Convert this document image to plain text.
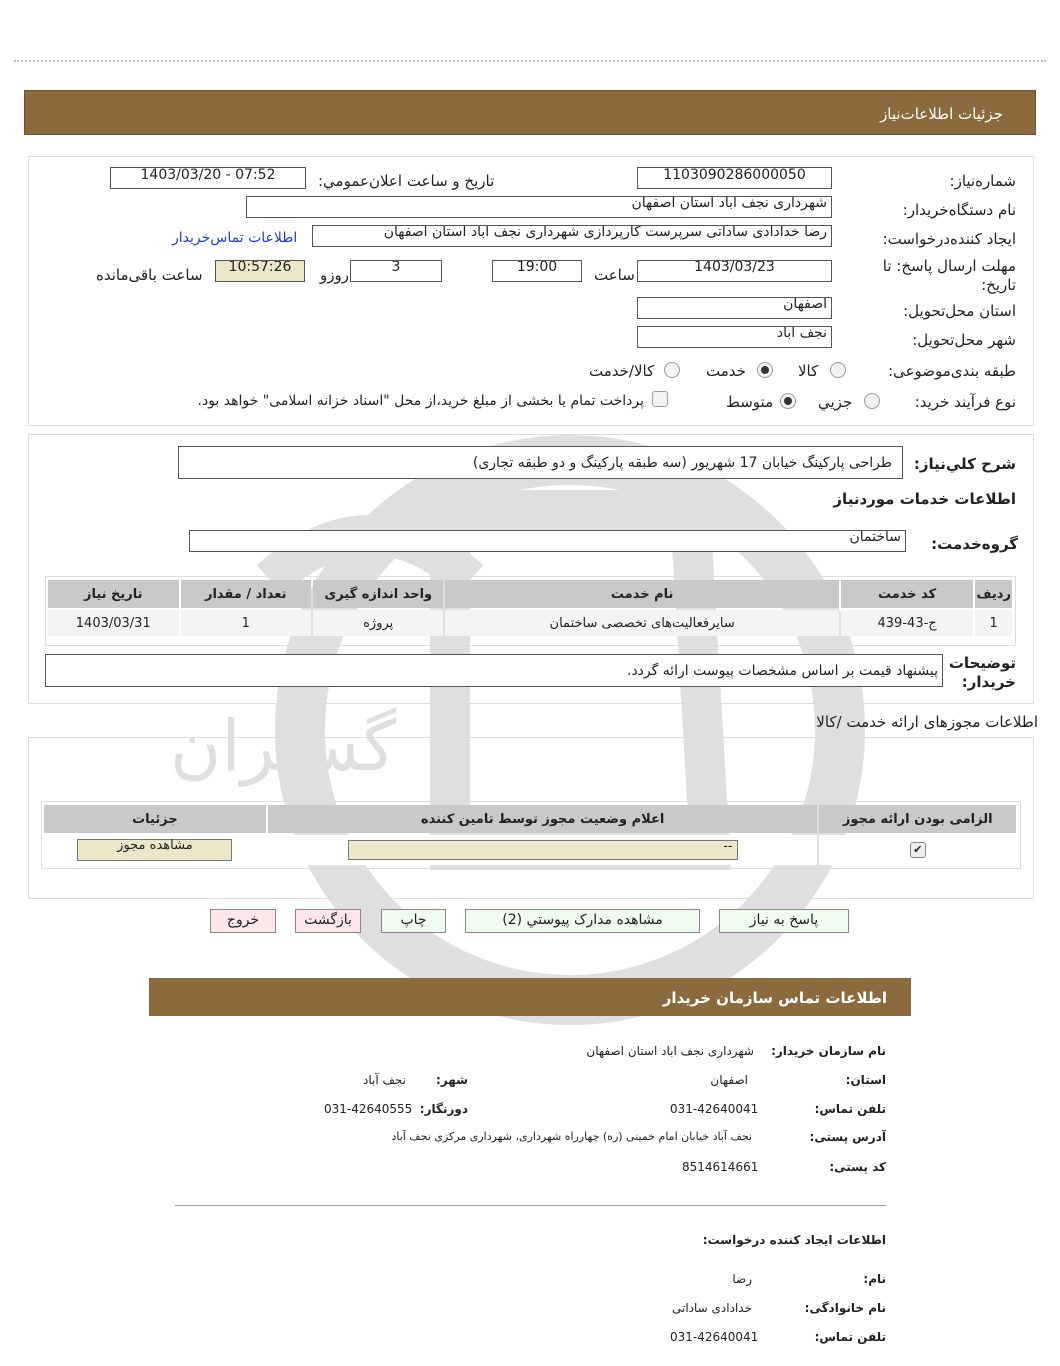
گستران
جزئیات اطلاعات‌نیاز
شماره‌نیاز:
1103090286000050
تاریخ و ساعت اعلان‌عمومي:
1403/03/20 - 07:52
نام دستگاه‌خریدار:
شهرداری نجف اباد استان اصفهان
ایجاد کننده‌درخواست:
رضا خدادادی ساداتی سرپرست کارپردازی شهرداری نجف اباد استان اصفهان
اطلاعات تماس‌خریدار
مهلت ارسال پاسخ: تا
تاریخ:
1403/03/23
ساعت
19:00
3
روزو
10:57:26
ساعت باقی‌مانده
استان محل‌تحویل:
اصفهان
شهر محل‌تحویل:
نجف اباد
طبقه بندی‌موضوعی:
کالا
خدمت
کالا/خدمت
نوع فرآیند خرید:
جزیي
متوسط
پرداخت تمام یا بخشی از مبلغ خرید،از محل "اسناد خزانه اسلامی" خواهد بود.
شرح کلي‌نیاز:
طراحی پارکینگ خیابان 17 شهریور (سه طبقه پارکینگ و دو طبقه تجاری)
اطلاعات خدمات موردنیاز
گروه‌خدمت:
ساختمان
ردیف	کد خدمت	نام خدمت	واحد اندازه گیری	تعداد / مقدار	تاریخ نیاز
1	ج-43-439	سایرفعالیت‌های تخصصی ساختمان	پروژه	1	1403/03/31
توضیحات
خریدار:
پیشنهاد قیمت بر اساس مشخصات پیوست ارائه گردد.
اطلاعات مجوزهای ارائه خدمت /کالا
الزامی بودن ارائه مجوز	اعلام وضعیت مجوز توسط تامین کننده	جزئیات
✔	--	مشاهده مجوز
پاسخ به نیاز
مشاهده مدارک پیوستي (2)
چاپ
بازگشت
خروج
اطلاعات تماس سازمان خریدار
نام سازمان خریدار:
شهرداری نجف اباد استان اصفهان
استان:
اصفهان
شهر:
نجف آباد
تلفن تماس:
031-42640041
دورنگار:
031-42640555
آدرس پستی:
نجف آباد خیابان امام خمینی (ره) چهارراه شهرداری، شهرداری مرکزی نجف آباد
کد پستی:
8514614661
اطلاعات ایجاد کننده درخواست:
نام:
رضا
نام خانوادگی:
خدادادی ساداتی
تلفن تماس:
031-42640041
